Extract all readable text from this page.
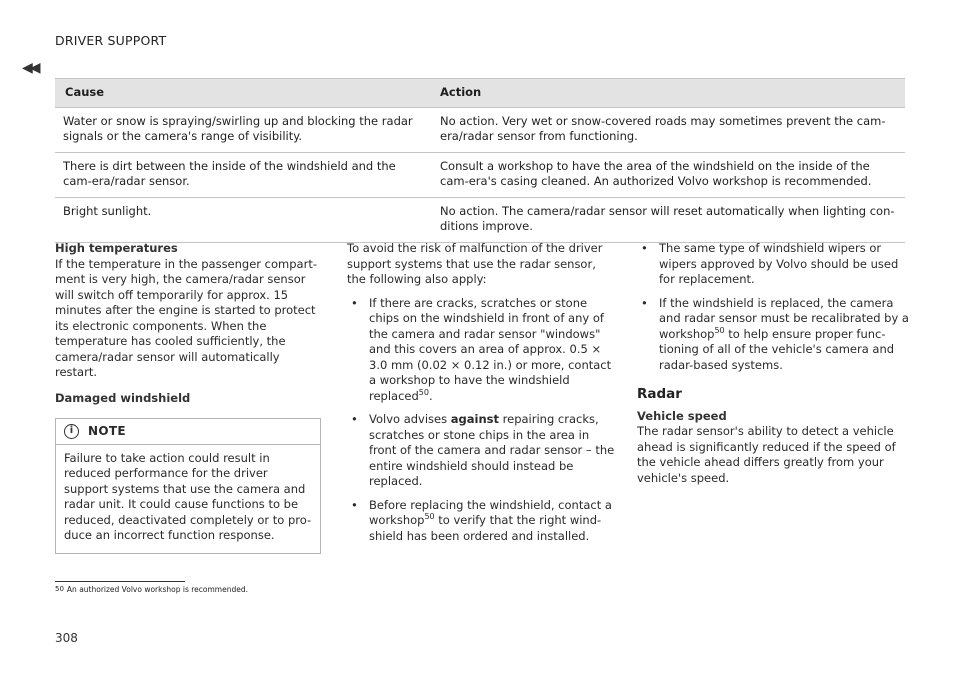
DRIVER SUPPORT
◀◀
Cause	Action
Water or snow is spraying/swirling up and blocking the radar signals or the camera's range of visibility.	No action. Very wet or snow-covered roads may sometimes prevent the cam-era/radar sensor from functioning.
There is dirt between the inside of the windshield and the cam-era/radar sensor.	Consult a workshop to have the area of the windshield on the inside of the cam-era's casing cleaned. An authorized Volvo workshop is recommended.
Bright sunlight.	No action. The camera/radar sensor will reset automatically when lighting con-ditions improve.
High temperatures

If the temperature in the passenger compart-ment is very high, the camera/radar sensor will switch off temporarily for approx. 15 minutes after the engine is started to protect its electronic components. When the temperature has cooled sufficiently, the camera/radar sensor will automatically restart.

Damaged windshield
i	NOTE
Failure to take action could result in reduced performance for the driver support systems that use the camera and radar unit. It could cause functions to be reduced, deactivated completely or to pro-duce an incorrect function response.

To avoid the risk of malfunction of the driver support systems that use the radar sensor, the following also apply:

• If there are cracks, scratches or stone chips on the windshield in front of any of the camera and radar sensor "windows" and this covers an area of approx. 0.5 × 3.0 mm (0.02 × 0.12 in.) or more, contact a workshop to have the windshield replaced$^{50}$.
• Volvo advises against repairing cracks, scratches or stone chips in the area in front of the camera and radar sensor – the entire windshield should instead be replaced.
• Before replacing the windshield, contact a workshop$^{50}$ to verify that the right wind-shield has been ordered and installed.
• The same type of windshield wipers or wipers approved by Volvo should be used for replacement.
• If the windshield is replaced, the camera and radar sensor must be recalibrated by a workshop$^{50}$ to help ensure proper func-tioning of all of the vehicle's camera and radar-based systems.
Radar
Vehicle speed

The radar sensor's ability to detect a vehicle ahead is significantly reduced if the speed of the vehicle ahead differs greatly from your vehicle's speed.

$^{50}$ An authorized Volvo workshop is recommended.
308
